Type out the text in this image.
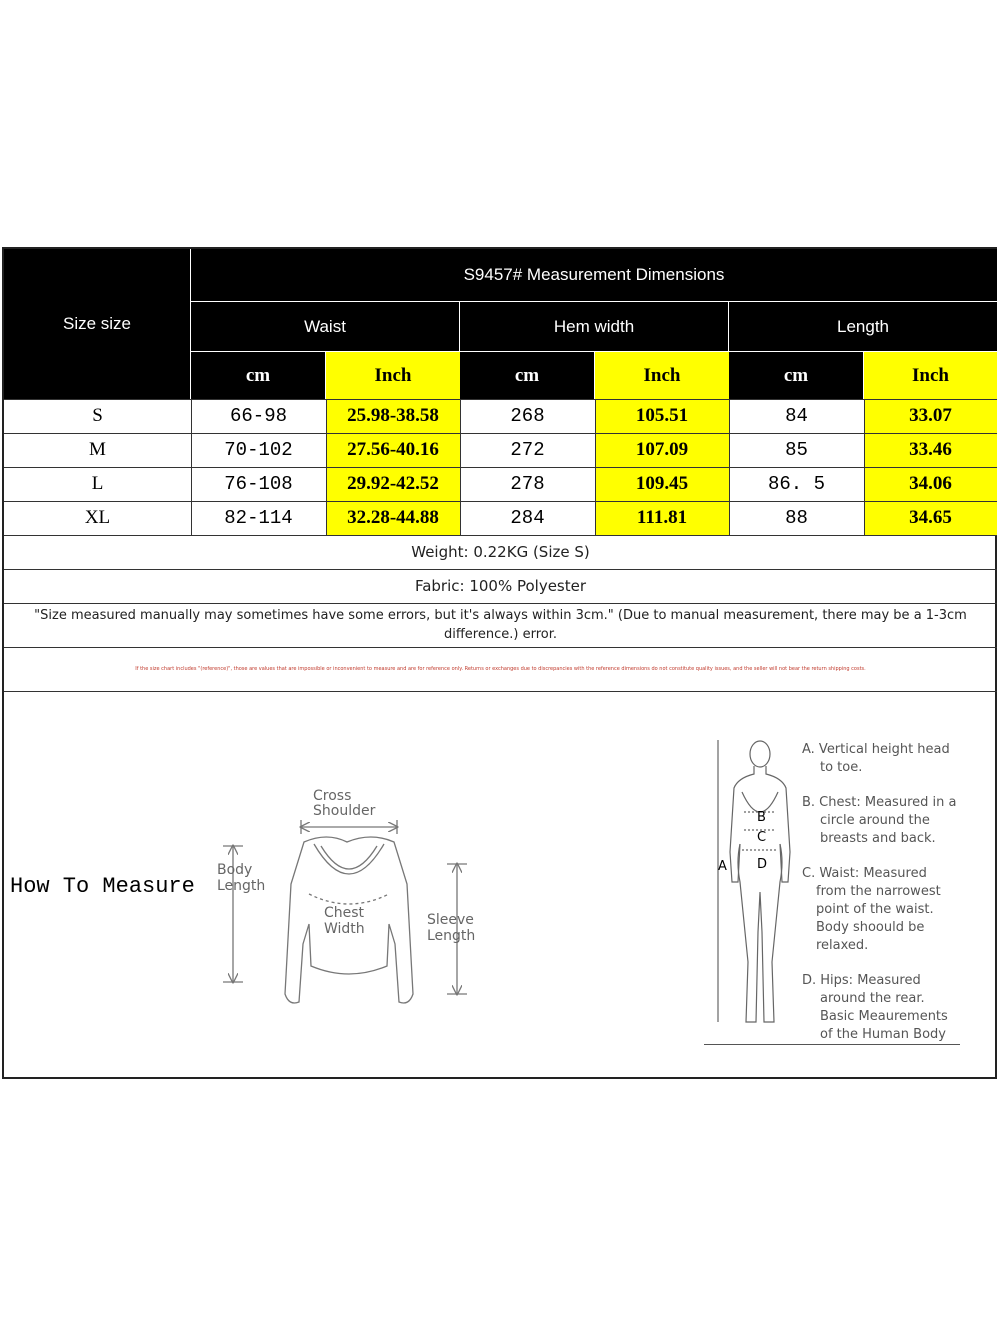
Size size
S9457# Measurement Dimensions
Waist	Hem width	Length
cm	Inch	cm	Inch	cm	Inch
S	66-98	25.98-38.58	268	105.51	84	33.07
M	70-102	27.56-40.16	272	107.09	85	33.46
L	76-108	29.92-42.52	278	109.45	86. 5	34.06
XL	82-114	32.28-44.88	284	111.81	88	34.65
Weight: 0.22KG (Size S)
Fabric: 100% Polyester
"Size measured manually may sometimes have some errors, but it's always within 3cm." (Due to manual measurement, there may be a 1-3cm difference.) error.
If the size chart includes "(reference)", those are values that are impossible or inconvenient to measure and are for reference only. Returns or exchanges due to discrepancies with the reference dimensions do not constitute quality issues, and the seller will not bear the return shipping costs.
How To Measure
Cross
Shoulder
Body
Length
Chest
Width
Sleeve
Length
A
B
C
D
A. Vertical height head
to toe.
B. Chest: Measured in a
circle around the
breasts and back.
C. Waist: Measured
from the narrowest
point of the waist.
Body shoould be
relaxed.
D. Hips: Measured
around the rear.
Basic Meaurements
of the Human Body
